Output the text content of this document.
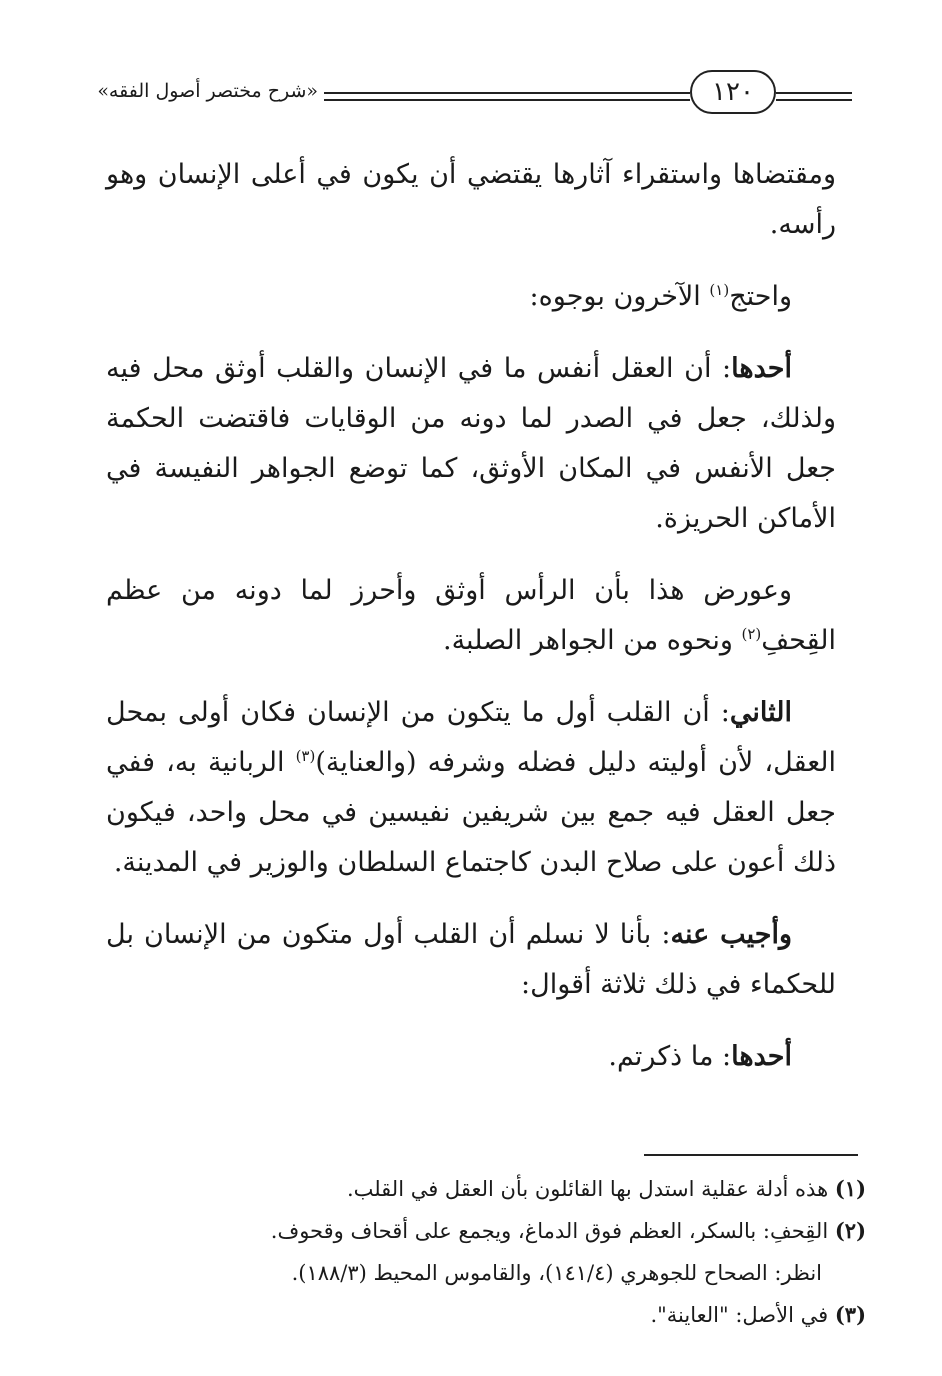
«شرح مختصر أصول الفقه»	١٢٠

ومقتضاها واستقراء آثارها يقتضي أن يكون في أعلى الإنسان وهو رأسه.

واحتج$^{(١)}$ الآخرون بوجوه:

أحدها: أن العقل أنفس ما في الإنسان والقلب أوثق محل فيه ولذلك، جعل في الصدر لما دونه من الوقايات فاقتضت الحكمة جعل الأنفس في المكان الأوثق، كما توضع الجواهر النفيسة في الأماكن الحريزة.

وعورض هذا بأن الرأس أوثق وأحرز لما دونه من عظم القِحفِ$^{(٢)}$ ونحوه من الجواهر الصلبة.

الثاني: أن القلب أول ما يتكون من الإنسان فكان أولى بمحل العقل، لأن أوليته دليل فضله وشرفه (والعناية)$^{(٣)}$ الربانية به، ففي جعل العقل فيه جمع بين شريفين نفيسين في محل واحد، فيكون ذلك أعون على صلاح البدن كاجتماع السلطان والوزير في المدينة.

وأجيب عنه: بأنا لا نسلم أن القلب أول متكون من الإنسان بل للحكماء في ذلك ثلاثة أقوال:

أحدها: ما ذكرتم.

(١) هذه أدلة عقلية استدل بها القائلون بأن العقل في القلب.

(٢) القِحفِ: بالسكر، العظم فوق الدماغ، ويجمع على أقحاف وقحوف.

انظر: الصحاح للجوهري (١٤١/٤)، والقاموس المحيط (١٨٨/٣).

(٣) في الأصل: "العاينة".
